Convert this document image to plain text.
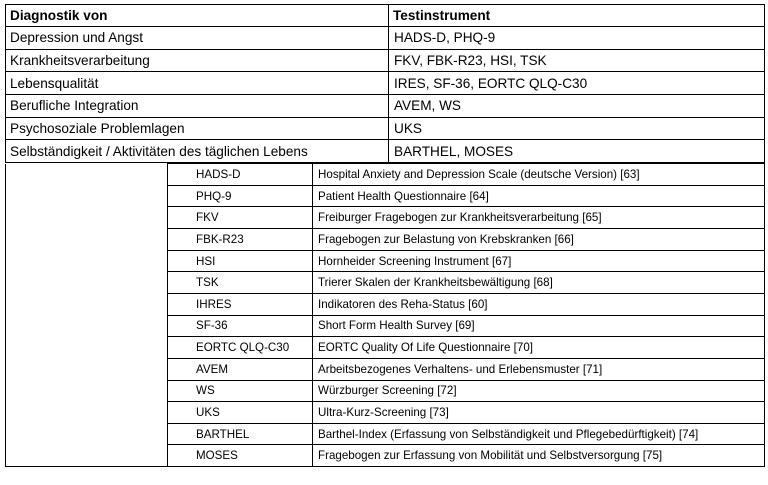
Diagnostik von	Testinstrument
Depression und Angst	HADS-D, PHQ-9
Krankheitsverarbeitung	FKV, FBK-R23, HSI, TSK
Lebensqualität	IRES, SF-36, EORTC QLQ-C30
Berufliche Integration	AVEM, WS
Psychosoziale Problemlagen	UKS
Selbständigkeit / Aktivitäten des täglichen Lebens	BARTHEL, MOSES
	HADS-D	Hospital Anxiety and Depression Scale (deutsche Version) [63]
	PHQ-9	Patient Health Questionnaire [64]
	FKV	Freiburger Fragebogen zur Krankheitsverarbeitung [65]
	FBK-R23	Fragebogen zur Belastung von Krebskranken [66]
	HSI	Hornheider Screening Instrument [67]
	TSK	Trierer Skalen der Krankheitsbewältigung [68]
	IHRES	Indikatoren des Reha-Status [60]
	SF-36	Short Form Health Survey [69]
	EORTC QLQ-C30	EORTC Quality Of Life Questionnaire [70]
	AVEM	Arbeitsbezogenes Verhaltens- und Erlebensmuster [71]
	WS	Würzburger Screening [72]
	UKS	Ultra-Kurz-Screening [73]
	BARTHEL	Barthel-Index (Erfassung von Selbständigkeit und Pflegebedürftigkeit) [74]
	MOSES	Fragebogen zur Erfassung von Mobilität und Selbstversorgung [75]
